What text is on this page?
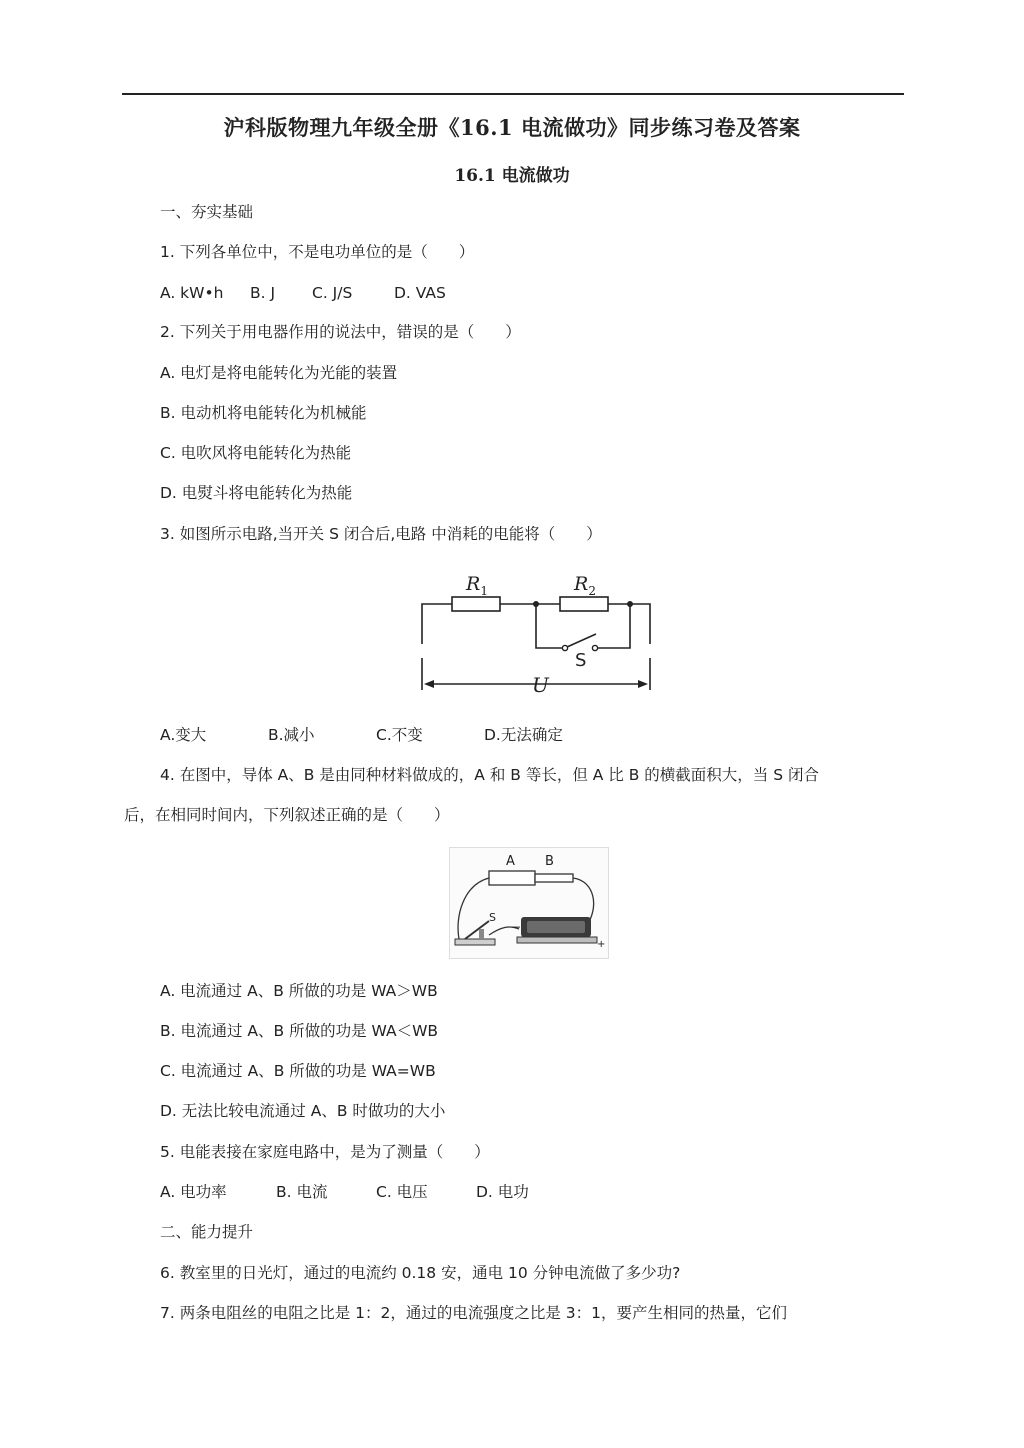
沪科版物理九年级全册《16.1 电流做功》同步练习卷及答案
16.1 电流做功
一、夯实基础
1. 下列各单位中，不是电功单位的是（　　）
A. kW•h B. J C. J/S	D. VAS
2. 下列关于用电器作用的说法中，错误的是（　　）
A. 电灯是将电能转化为光能的装置
B. 电动机将电能转化为机械能
C. 电吹风将电能转化为热能
D. 电熨斗将电能转化为热能
3. 如图所示电路,当开关 S 闭合后,电路 中消耗的电能将（　　）
$R_1$	$R_2$
S
U
A.变大	B.减小	C.不变	D.无法确定
4. 在图中，导体 A、B 是由同种材料做成的，A 和 B 等长，但 A 比 B 的横截面积大，当 S 闭合
后，在相同时间内，下列叙述正确的是（　　）
A B
S
−
+
A. 电流通过 A、B 所做的功是 WA＞WB
B. 电流通过 A、B 所做的功是 WA＜WB
C. 电流通过 A、B 所做的功是 WA=WB
D. 无法比较电流通过 A、B 时做功的大小
5. 电能表接在家庭电路中，是为了测量（　　）
A. 电功率	B. 电流	C. 电压	D. 电功
二、能力提升
6. 教室里的日光灯，通过的电流约 0.18 安，通电 10 分钟电流做了多少功?
7. 两条电阻丝的电阻之比是 1：2，通过的电流强度之比是 3：1，要产生相同的热量，它们
